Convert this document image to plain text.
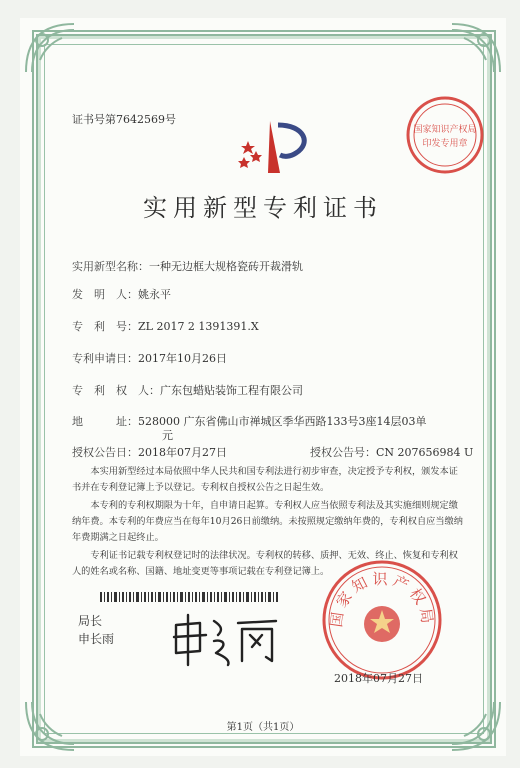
证书号第7642569号
国家知识产权局
印发专用章
实用新型专利证书
实用新型名称：一种无边框大规格瓷砖开裁滑轨
发　明　人：姚永平
专　利　号：ZL 2017 2 1391391.X
专利申请日：2017年10月26日
专　利　权　人：广东包蜡贴装饰工程有限公司
地　　　址：528000 广东省佛山市禅城区季华西路133号3座14层03单
元
授权公告日：2018年07月27日	授权公告号：CN 207656984 U
本实用新型经过本局依照中华人民共和国专利法进行初步审查，决定授予专利权，颁发本证书并在专利登记簿上予以登记。专利权自授权公告之日起生效。
本专利的专利权期限为十年，自申请日起算。专利权人应当依照专利法及其实施细则规定缴纳年费。本专利的年费应当在每年10月26日前缴纳。未按照规定缴纳年费的，专利权自应当缴纳年费期满之日起终止。
专利证书记载专利权登记时的法律状况。专利权的转移、质押、无效、终止、恢复和专利权人的姓名或名称、国籍、地址变更等事项记载在专利登记簿上。
局长
申长雨
国家知识产权局
2018年07月27日
第1页（共1页）
